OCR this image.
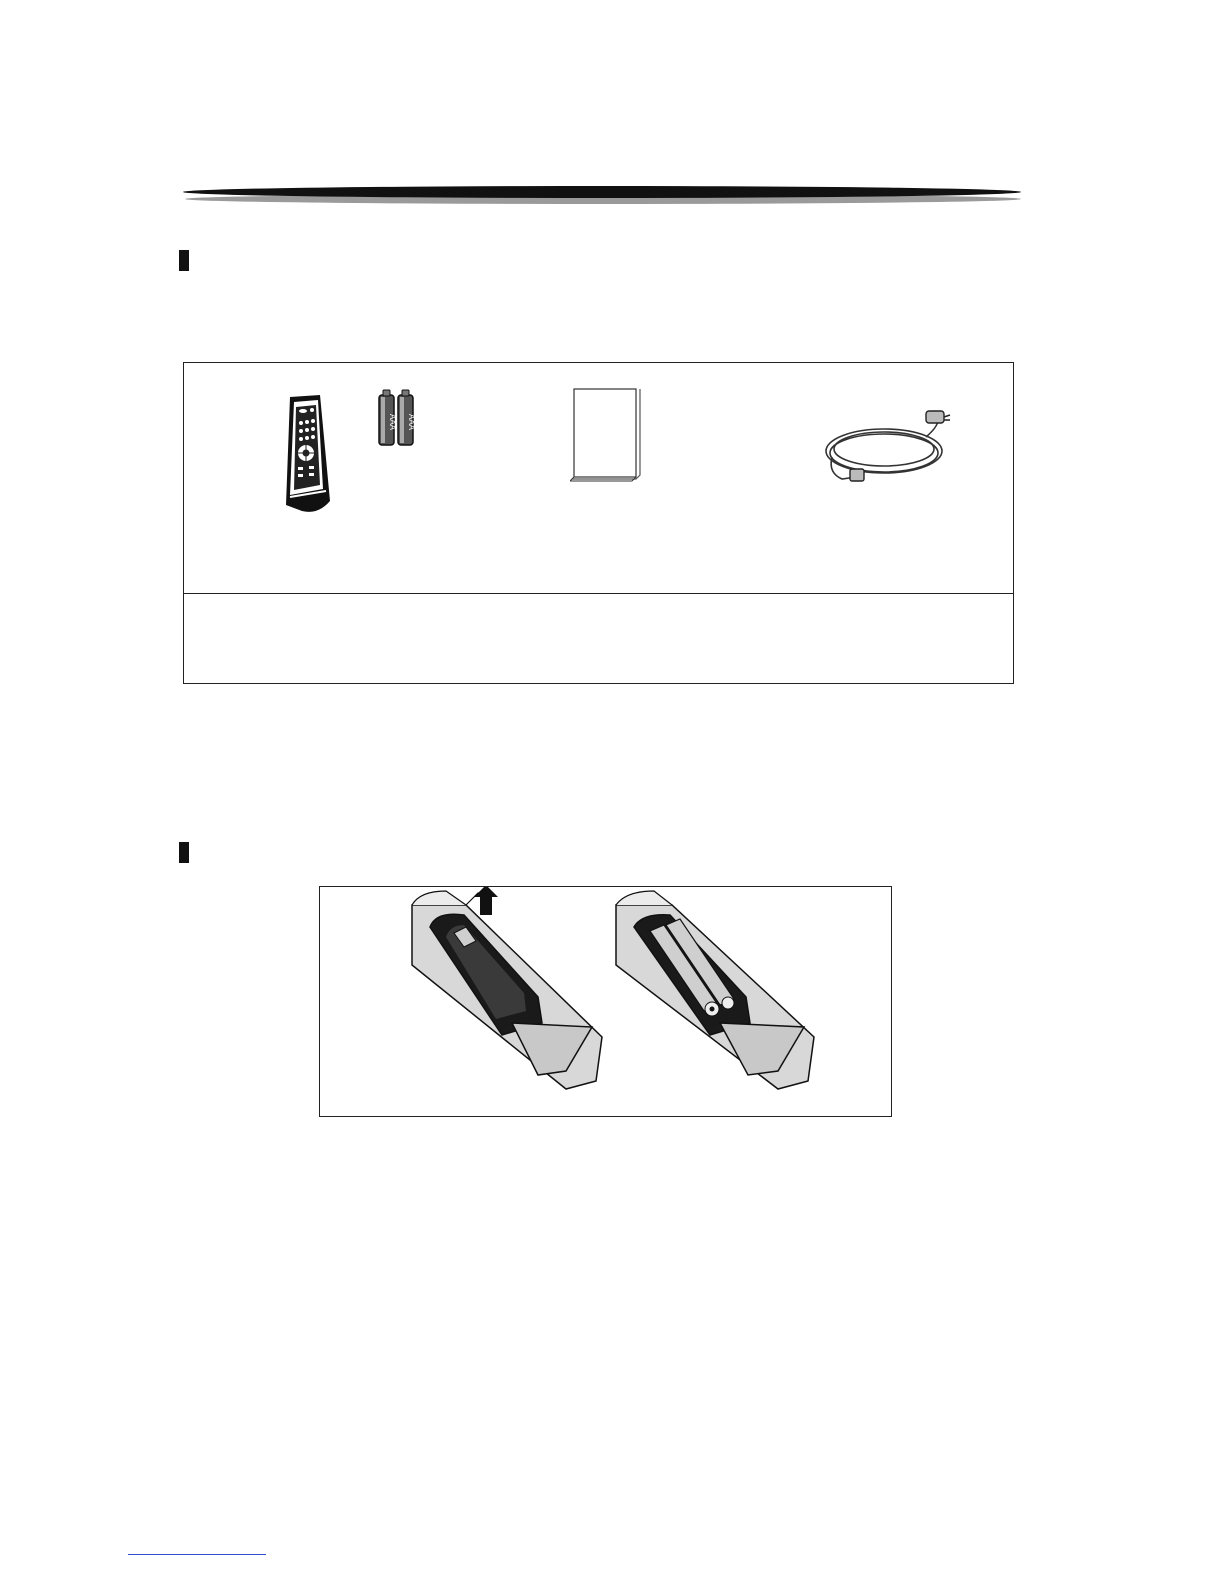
AAA AAA
